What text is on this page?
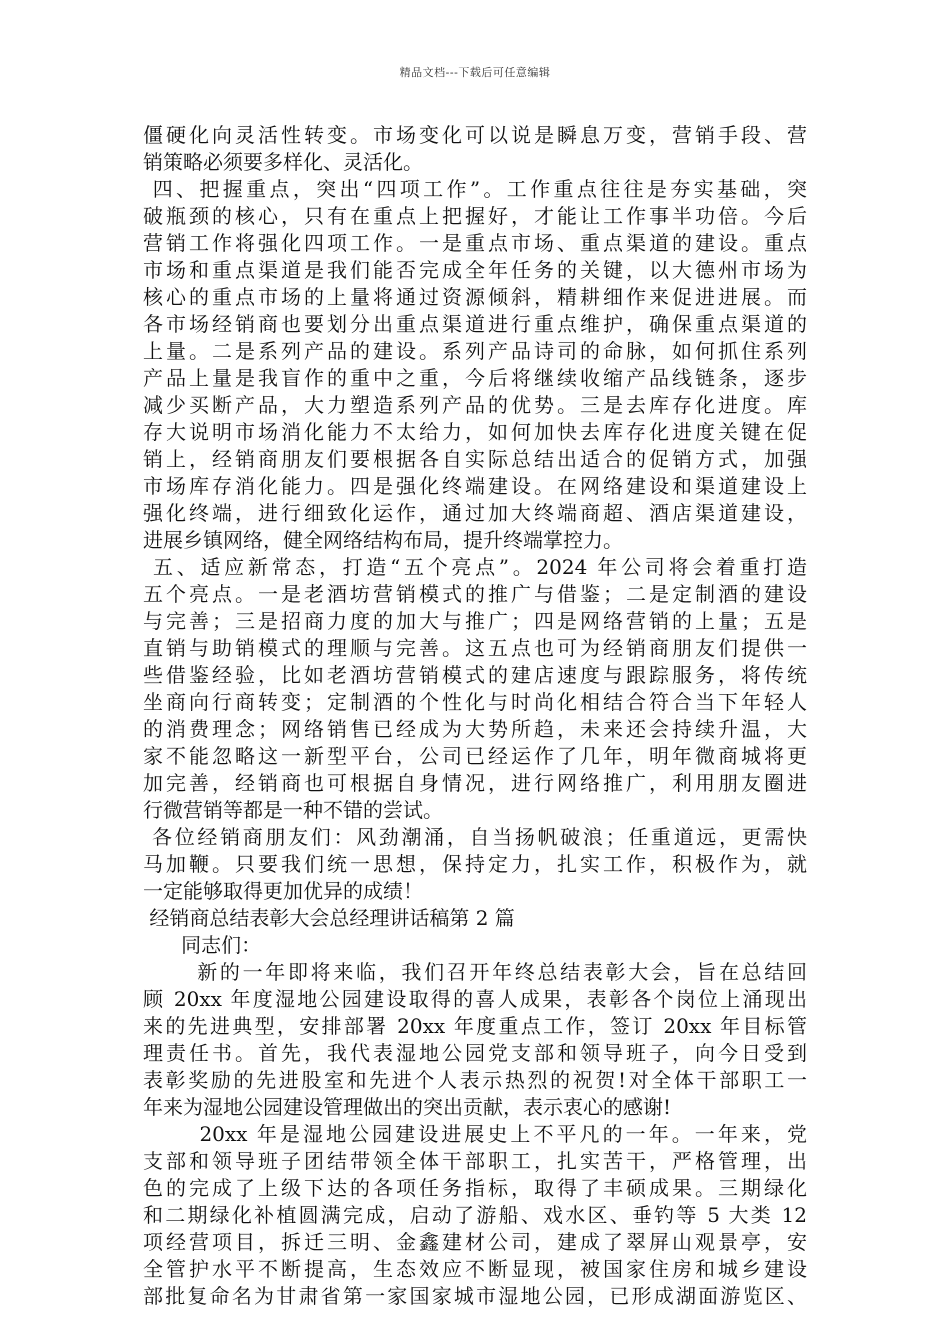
精品文档---下载后可任意编辑
僵硬化向灵活性转变。市场变化可以说是瞬息万变，营销手段、营
销策略必须要多样化、灵活化。
四、把握重点，突出“四项工作”。工作重点往往是夯实基础，突
破瓶颈的核心，只有在重点上把握好，才能让工作事半功倍。今后
营销工作将强化四项工作。一是重点市场、重点渠道的建设。重点
市场和重点渠道是我们能否完成全年任务的关键，以大德州市场为
核心的重点市场的上量将通过资源倾斜，精耕细作来促进进展。而
各市场经销商也要划分出重点渠道进行重点维护，确保重点渠道的
上量。二是系列产品的建设。系列产品诗司的命脉，如何抓住系列
产品上量是我盲作的重中之重，今后将继续收缩产品线链条，逐步
减少买断产品，大力塑造系列产品的优势。三是去库存化进度。库
存大说明市场消化能力不太给力，如何加快去库存化进度关键在促
销上，经销商朋友们要根据各自实际总结出适合的促销方式，加强
市场库存消化能力。四是强化终端建设。在网络建设和渠道建设上
强化终端，进行细致化运作，通过加大终端商超、酒店渠道建设，
进展乡镇网络，健全网络结构布局，提升终端掌控力。
五、适应新常态，打造“五个亮点”。2024 年公司将会着重打造
五个亮点。一是老酒坊营销模式的推广与借鉴；二是定制酒的建设
与完善；三是招商力度的加大与推广；四是网络营销的上量；五是
直销与助销模式的理顺与完善。这五点也可为经销商朋友们提供一
些借鉴经验，比如老酒坊营销模式的建店速度与跟踪服务，将传统
坐商向行商转变；定制酒的个性化与时尚化相结合符合当下年轻人
的消费理念；网络销售已经成为大势所趋，未来还会持续升温，大
家不能忽略这一新型平台，公司已经运作了几年，明年微商城将更
加完善，经销商也可根据自身情况，进行网络推广，利用朋友圈进
行微营销等都是一种不错的尝试。
各位经销商朋友们：风劲潮涌，自当扬帆破浪；任重道远，更需快
马加鞭。只要我们统一思想，保持定力，扎实工作，积极作为，就
一定能够取得更加优异的成绩！
经销商总结表彰大会总经理讲话稿第 2 篇
同志们：
新的一年即将来临，我们召开年终总结表彰大会，旨在总结回
顾 20xx 年度湿地公园建设取得的喜人成果，表彰各个岗位上涌现出
来的先进典型，安排部署 20xx 年度重点工作，签订 20xx 年目标管
理责任书。首先，我代表湿地公园党支部和领导班子，向今日受到
表彰奖励的先进股室和先进个人表示热烈的祝贺!对全体干部职工一
年来为湿地公园建设管理做出的突出贡献，表示衷心的感谢!
20xx 年是湿地公园建设进展史上不平凡的一年。一年来，党
支部和领导班子团结带领全体干部职工，扎实苦干，严格管理，出
色的完成了上级下达的各项任务指标，取得了丰硕成果。三期绿化
和二期绿化补植圆满完成，启动了游船、戏水区、垂钓等 5 大类 12
项经营项目，拆迁三明、金鑫建材公司，建成了翠屏山观景亭，安
全管护水平不断提高，生态效应不断显现，被国家住房和城乡建设
部批复命名为甘肃省第一家国家城市湿地公园，已形成湖面游览区、
